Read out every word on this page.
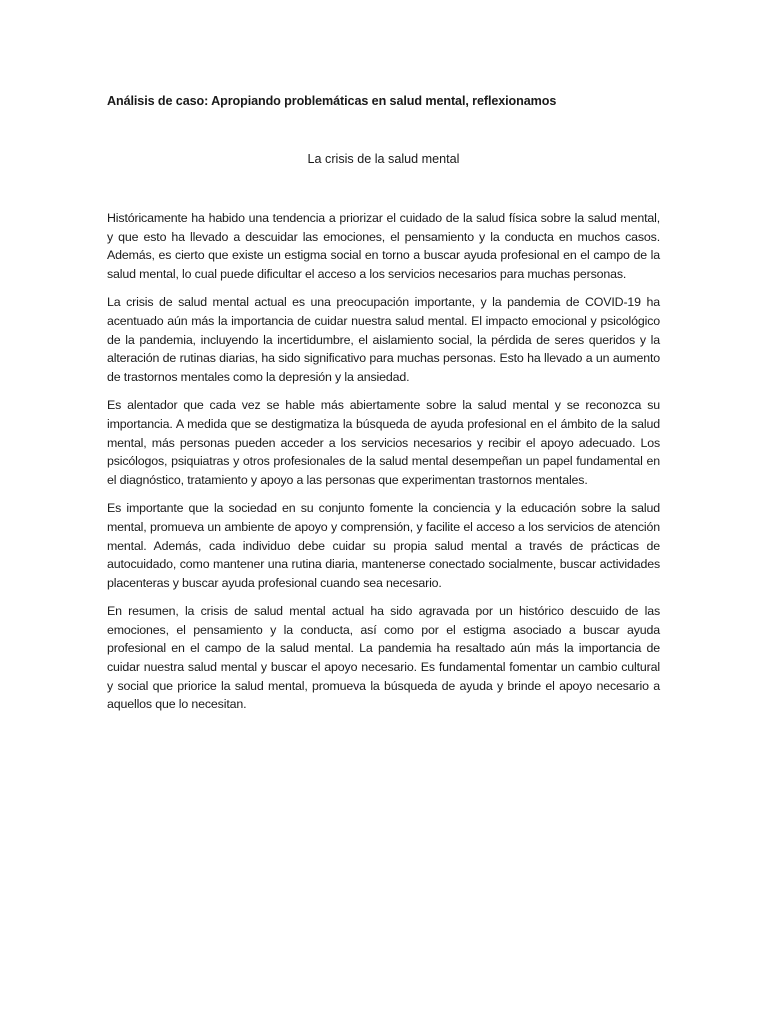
Análisis de caso: Apropiando problemáticas en salud mental, reflexionamos
La crisis de la salud mental

Históricamente ha habido una tendencia a priorizar el cuidado de la salud física sobre la salud mental, y que esto ha llevado a descuidar las emociones, el pensamiento y la conducta en muchos casos. Además, es cierto que existe un estigma social en torno a buscar ayuda profesional en el campo de la salud mental, lo cual puede dificultar el acceso a los servicios necesarios para muchas personas.

La crisis de salud mental actual es una preocupación importante, y la pandemia de COVID-19 ha acentuado aún más la importancia de cuidar nuestra salud mental. El impacto emocional y psicológico de la pandemia, incluyendo la incertidumbre, el aislamiento social, la pérdida de seres queridos y la alteración de rutinas diarias, ha sido significativo para muchas personas. Esto ha llevado a un aumento de trastornos mentales como la depresión y la ansiedad.

Es alentador que cada vez se hable más abiertamente sobre la salud mental y se reconozca su importancia. A medida que se destigmatiza la búsqueda de ayuda profesional en el ámbito de la salud mental, más personas pueden acceder a los servicios necesarios y recibir el apoyo adecuado. Los psicólogos, psiquiatras y otros profesionales de la salud mental desempeñan un papel fundamental en el diagnóstico, tratamiento y apoyo a las personas que experimentan trastornos mentales.

Es importante que la sociedad en su conjunto fomente la conciencia y la educación sobre la salud mental, promueva un ambiente de apoyo y comprensión, y facilite el acceso a los servicios de atención mental. Además, cada individuo debe cuidar su propia salud mental a través de prácticas de autocuidado, como mantener una rutina diaria, mantenerse conectado socialmente, buscar actividades placenteras y buscar ayuda profesional cuando sea necesario.

En resumen, la crisis de salud mental actual ha sido agravada por un histórico descuido de las emociones, el pensamiento y la conducta, así como por el estigma asociado a buscar ayuda profesional en el campo de la salud mental. La pandemia ha resaltado aún más la importancia de cuidar nuestra salud mental y buscar el apoyo necesario. Es fundamental fomentar un cambio cultural y social que priorice la salud mental, promueva la búsqueda de ayuda y brinde el apoyo necesario a aquellos que lo necesitan.
